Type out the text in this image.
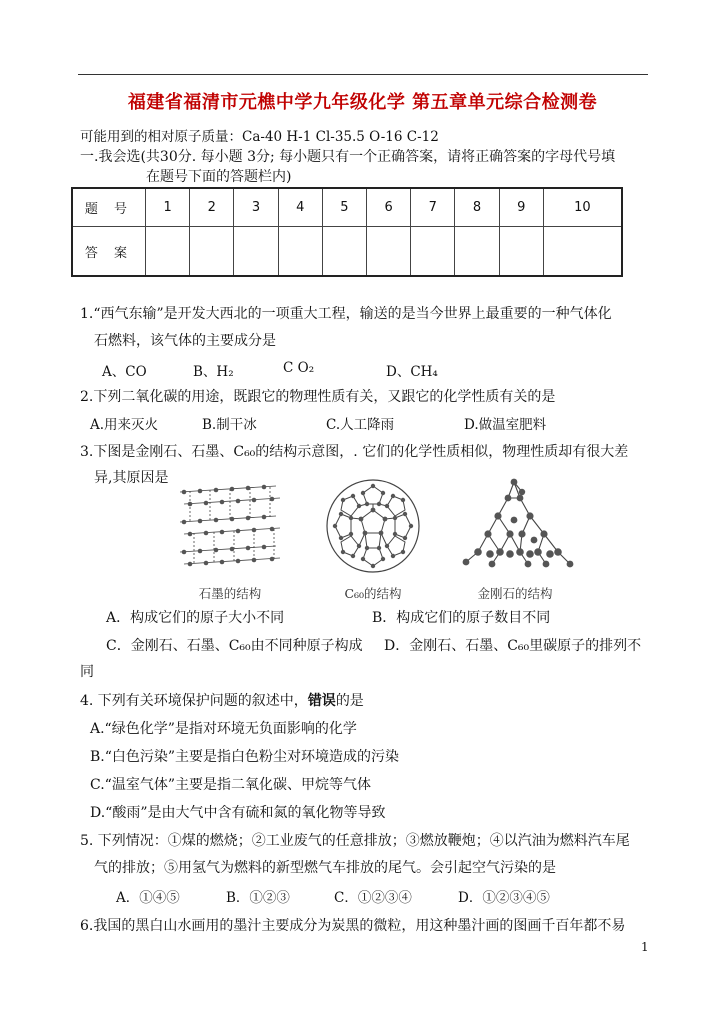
福建省福清市元樵中学九年级化学 第五章单元综合检测卷
可能用到的相对原子质量：Ca-40 H-1 Cl-35.5 O-16 C-12
一.我会选(共30分. 每小题 3分; 每小题只有一个正确答案，请将正确答案的字母代号填
在题号下面的答题栏内)
题 号	1	2	3	4	5	6	7	8	9	10
答 案										
1.“西气东输”是开发大西北的一项重大工程，输送的是当今世界上最重要的一种气体化
石燃料，该气体的主要成分是
A、CO	B、H₂	C O₂	D、CH₄
2.下列二氧化碳的用途，既跟它的物理性质有关，又跟它的化学性质有关的是
A.用来灭火	B.制干冰	C.人工降雨	D.做温室肥料
3.下图是金刚石、石墨、C₆₀的结构示意图，. 它们的化学性质相似，物理性质却有很大差
异,其原因是
石墨的结构	C₆₀的结构	金刚石的结构
A．构成它们的原子大小不同	B．构成它们的原子数目不同
C．金刚石、石墨、C₆₀由不同种原子构成 D．金刚石、石墨、C₆₀里碳原子的排列不
同
4. 下列有关环境保护问题的叙述中，错误的是
A.“绿色化学”是指对环境无负面影响的化学
B.“白色污染”主要是指白色粉尘对环境造成的污染
C.“温室气体”主要是指二氧化碳、甲烷等气体
D.“酸雨”是由大气中含有硫和氮的氧化物等导致
5. 下列情况：①煤的燃烧；②工业废气的任意排放；③燃放鞭炮；④以汽油为燃料汽车尾
气的排放；⑤用氢气为燃料的新型燃气车排放的尾气。会引起空气污染的是
A．①④⑤	B．①②③	C．①②③④	D．①②③④⑤
6.我国的黑白山水画用的墨汁主要成分为炭黑的微粒，用这种墨汁画的图画千百年都不易
1
